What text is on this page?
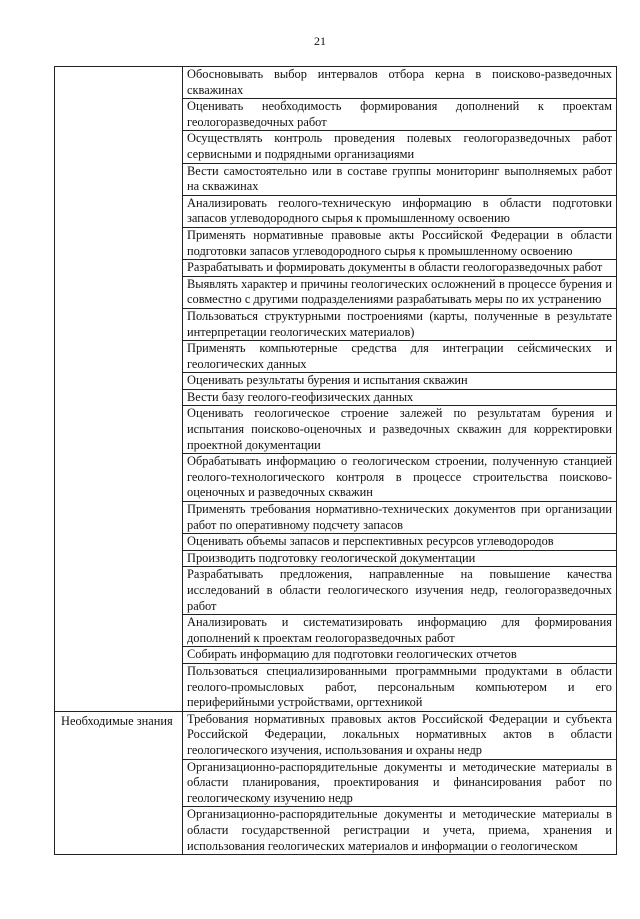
21
	Обосновывать выбор интервалов отбора керна в поисково-разведочных скважинах
	Оценивать необходимость формирования дополнений к проектам геологоразведочных работ
	Осуществлять контроль проведения полевых геологоразведочных работ сервисными и подрядными организациями
	Вести самостоятельно или в составе группы мониторинг выполняемых работ на скважинах
	Анализировать геолого-техническую информацию в области подготовки запасов углеводородного сырья к промышленному освоению
	Применять нормативные правовые акты Российской Федерации в области подготовки запасов углеводородного сырья к промышленному освоению
	Разрабатывать и формировать документы в области геологоразведочных работ
	Выявлять характер и причины геологических осложнений в процессе бурения и совместно с другими подразделениями разрабатывать меры по их устранению
	Пользоваться структурными построениями (карты, полученные в результате интерпретации геологических материалов)
	Применять компьютерные средства для интеграции сейсмических и геологических данных
	Оценивать результаты бурения и испытания скважин
	Вести базу геолого-геофизических данных
	Оценивать геологическое строение залежей по результатам бурения и испытания поисково-оценочных и разведочных скважин для корректировки проектной документации
	Обрабатывать информацию о геологическом строении, полученную станцией геолого-технологического контроля в процессе строительства поисково-оценочных и разведочных скважин
	Применять требования нормативно-технических документов при организации работ по оперативному подсчету запасов
	Оценивать объемы запасов и перспективных ресурсов углеводородов
	Производить подготовку геологической документации
	Разрабатывать предложения, направленные на повышение качества исследований в области геологического изучения недр, геологоразведочных работ
	Анализировать и систематизировать информацию для формирования дополнений к проектам геологоразведочных работ
	Собирать информацию для подготовки геологических отчетов
	Пользоваться специализированными программными продуктами в области геолого-промысловых работ, персональным компьютером и его периферийными устройствами, оргтехникой
Необходимые знания	Требования нормативных правовых актов Российской Федерации и субъекта Российской Федерации, локальных нормативных актов в области геологического изучения, использования и охраны недр
	Организационно-распорядительные документы и методические материалы в области планирования, проектирования и финансирования работ по геологическому изучению недр
	Организационно-распорядительные документы и методические материалы в области государственной регистрации и учета, приема, хранения и использования геологических материалов и информации о геологическом
